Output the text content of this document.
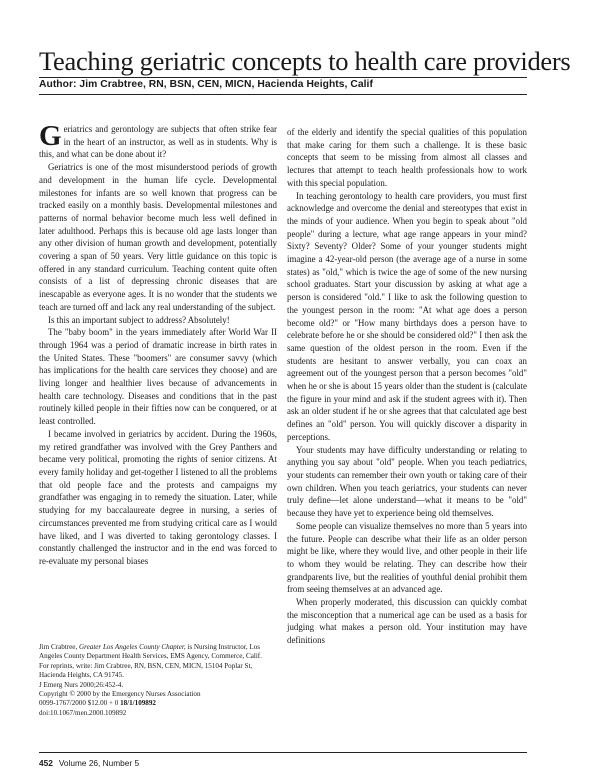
Teaching geriatric concepts to health care providers
Author: Jim Crabtree, RN, BSN, CEN, MICN, Hacienda Heights, Calif

Geriatrics and gerontology are subjects that often strike fear in the heart of an instructor, as well as in students. Why is this, and what can be done about it?

Geriatrics is one of the most misunderstood periods of growth and development in the human life cycle. Developmental milestones for infants are so well known that progress can be tracked easily on a monthly basis. Developmental milestones and patterns of normal behavior become much less well defined in later adulthood. Perhaps this is because old age lasts longer than any other division of human growth and development, potentially covering a span of 50 years. Very little guidance on this topic is offered in any standard curriculum. Teaching content quite often consists of a list of depressing chronic diseases that are inescapable as everyone ages. It is no wonder that the students we teach are turned off and lack any real understanding of the subject.

Is this an important subject to address? Absolutely!

The "baby boom" in the years immediately after World War II through 1964 was a period of dramatic increase in birth rates in the United States. These "boomers" are consumer savvy (which has implications for the health care services they choose) and are living longer and healthier lives because of advancements in health care technology. Diseases and conditions that in the past routinely killed people in their fifties now can be conquered, or at least controlled.

I became involved in geriatrics by accident. During the 1960s, my retired grandfather was involved with the Grey Panthers and became very political, promoting the rights of senior citizens. At every family holiday and get-together I listened to all the problems that old people face and the protests and campaigns my grandfather was engaging in to remedy the situation. Later, while studying for my baccalaureate degree in nursing, a series of circumstances prevented me from studying critical care as I would have liked, and I was diverted to taking gerontology classes. I constantly challenged the instructor and in the end was forced to re-evaluate my personal biases

Jim Crabtree, Greater Los Angeles County Chapter, is Nursing Instructor, Los Angeles County Department Health Services, EMS Agency, Commerce, Calif.
For reprints, write: Jim Crabtree, RN, BSN, CEN, MICN, 15104 Poplar St, Hacienda Heights, CA 91745.
J Emerg Nurs 2000;26:452-4.
Copyright © 2000 by the Emergency Nurses Association
0099-1767/2000 $12.00 + 0 18/1/109892
doi:10.1067/men.2000.109892

of the elderly and identify the special qualities of this population that make caring for them such a challenge. It is these basic concepts that seem to be missing from almost all classes and lectures that attempt to teach health professionals how to work with this special population.

In teaching gerontology to health care providers, you must first acknowledge and overcome the denial and stereotypes that exist in the minds of your audience. When you begin to speak about "old people" during a lecture, what age range appears in your mind? Sixty? Seventy? Older? Some of your younger students might imagine a 42-year-old person (the average age of a nurse in some states) as "old," which is twice the age of some of the new nursing school graduates. Start your discussion by asking at what age a person is considered "old." I like to ask the following question to the youngest person in the room: "At what age does a person become old?" or "How many birthdays does a person have to celebrate before he or she should be considered old?" I then ask the same question of the oldest person in the room. Even if the students are hesitant to answer verbally, you can coax an agreement out of the youngest person that a person becomes "old" when he or she is about 15 years older than the student is (calculate the figure in your mind and ask if the student agrees with it). Then ask an older student if he or she agrees that that calculated age best defines an "old" person. You will quickly discover a disparity in perceptions.

Your students may have difficulty understanding or relating to anything you say about "old" people. When you teach pediatrics, your students can remember their own youth or taking care of their own children. When you teach geriatrics, your students can never truly define—let alone understand—what it means to be "old" because they have yet to experience being old themselves.

Some people can visualize themselves no more than 5 years into the future. People can describe what their life as an older person might be like, where they would live, and other people in their life to whom they would be relating. They can describe how their grandparents live, but the realities of youthful denial prohibit them from seeing themselves at an advanced age.

When properly moderated, this discussion can quickly combat the misconception that a numerical age can be used as a basis for judging what makes a person old. Your institution may have definitions

452 Volume 26, Number 5
